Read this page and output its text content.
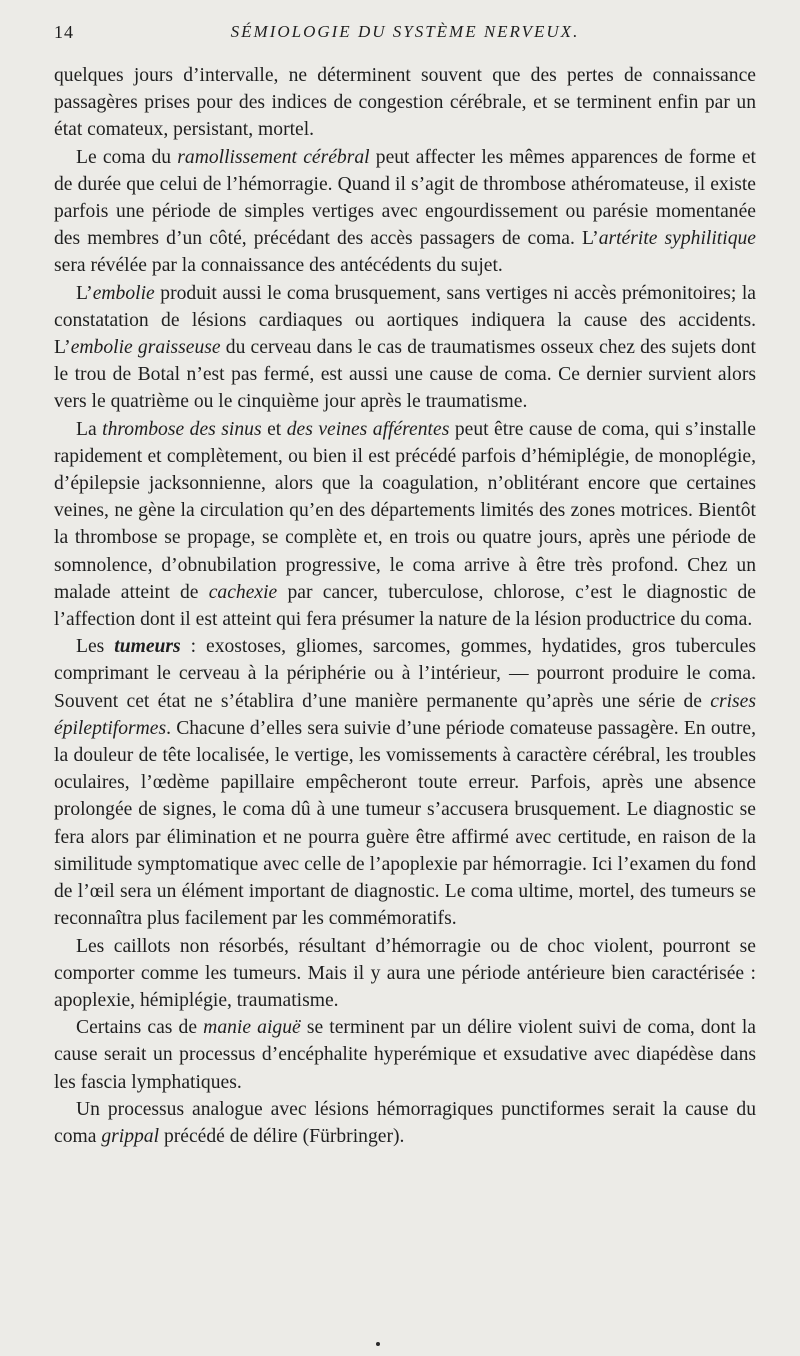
14	SÉMIOLOGIE DU SYSTÈME NERVEUX.

quelques jours d’intervalle, ne déterminent souvent que des pertes de connaissance passagères prises pour des indices de congestion cérébrale, et se terminent enfin par un état comateux, persistant, mortel.

Le coma du ramollissement cérébral peut affecter les mêmes apparences de forme et de durée que celui de l’hémorragie. Quand il s’agit de thrombose athéromateuse, il existe parfois une période de simples vertiges avec engourdissement ou parésie momentanée des membres d’un côté, précédant des accès passagers de coma. L’artérite syphilitique sera révélée par la connaissance des antécédents du sujet.

L’embolie produit aussi le coma brusquement, sans vertiges ni accès prémonitoires; la constatation de lésions cardiaques ou aortiques indiquera la cause des accidents. L’embolie graisseuse du cerveau dans le cas de traumatismes osseux chez des sujets dont le trou de Botal n’est pas fermé, est aussi une cause de coma. Ce dernier survient alors vers le quatrième ou le cinquième jour après le traumatisme.

La thrombose des sinus et des veines afférentes peut être cause de coma, qui s’installe rapidement et complètement, ou bien il est précédé parfois d’hémiplégie, de monoplégie, d’épilepsie jacksonnienne, alors que la coagulation, n’oblitérant encore que certaines veines, ne gène la circulation qu’en des départements limités des zones motrices. Bientôt la thrombose se propage, se complète et, en trois ou quatre jours, après une période de somnolence, d’obnubilation progressive, le coma arrive à être très profond. Chez un malade atteint de cachexie par cancer, tuberculose, chlorose, c’est le diagnostic de l’affection dont il est atteint qui fera présumer la nature de la lésion productrice du coma.

Les tumeurs : exostoses, gliomes, sarcomes, gommes, hydatides, gros tubercules comprimant le cerveau à la périphérie ou à l’intérieur, — pourront produire le coma. Souvent cet état ne s’établira d’une manière permanente qu’après une série de crises épileptiformes. Chacune d’elles sera suivie d’une période comateuse passagère. En outre, la douleur de tête localisée, le vertige, les vomissements à caractère cérébral, les troubles oculaires, l’œdème papillaire empêcheront toute erreur. Parfois, après une absence prolongée de signes, le coma dû à une tumeur s’accusera brusquement. Le diagnostic se fera alors par élimination et ne pourra guère être affirmé avec certitude, en raison de la similitude symptomatique avec celle de l’apoplexie par hémorragie. Ici l’examen du fond de l’œil sera un élément important de diagnostic. Le coma ultime, mortel, des tumeurs se reconnaîtra plus facilement par les commémoratifs.

Les caillots non résorbés, résultant d’hémorragie ou de choc violent, pourront se comporter comme les tumeurs. Mais il y aura une période antérieure bien caractérisée : apoplexie, hémiplégie, traumatisme.

Certains cas de manie aiguë se terminent par un délire violent suivi de coma, dont la cause serait un processus d’encéphalite hyperémique et exsudative avec diapédèse dans les fascia lymphatiques.

Un processus analogue avec lésions hémorragiques punctiformes serait la cause du coma grippal précédé de délire (Fürbringer).
